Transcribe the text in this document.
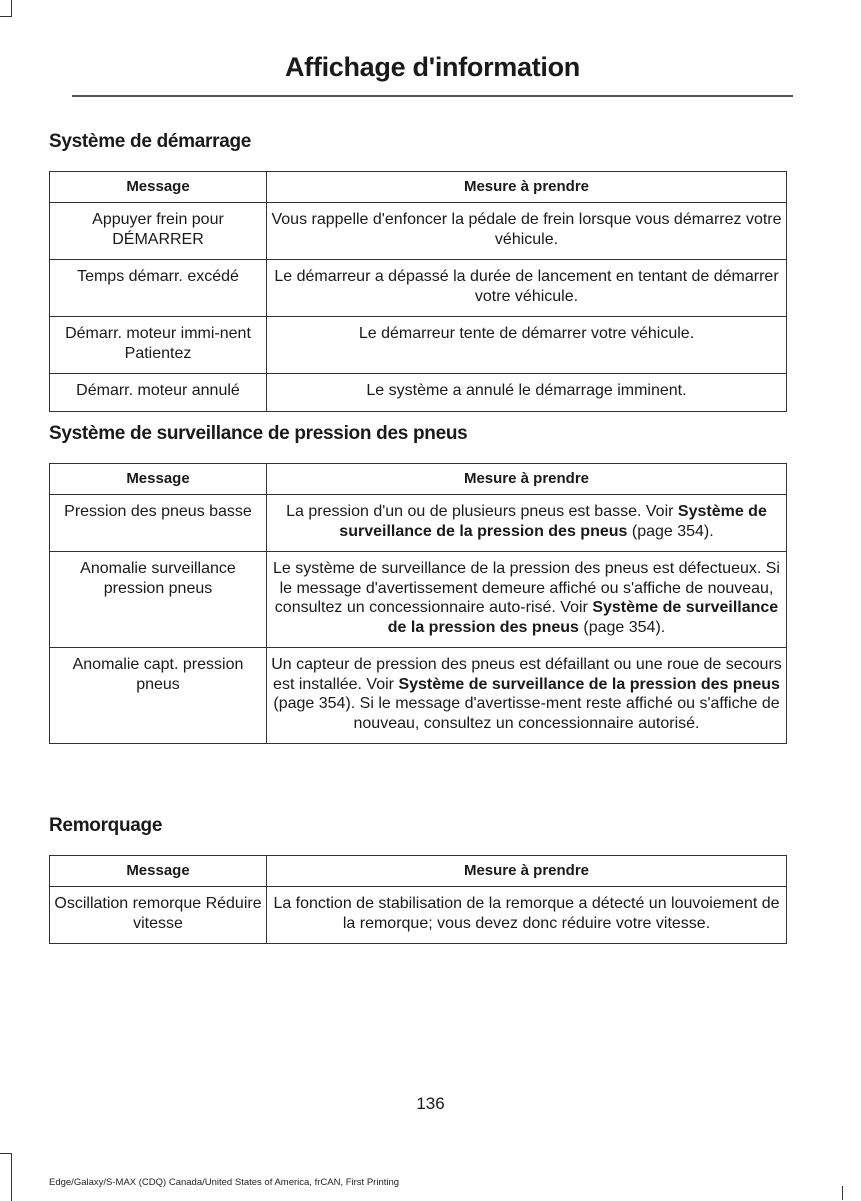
Affichage d'information
Système de démarrage
Message	Mesure à prendre
Appuyer frein pour DÉMARRER	Vous rappelle d'enfoncer la pédale de frein lorsque vous démarrez votre véhicule.
Temps démarr. excédé	Le démarreur a dépassé la durée de lancement en tentant de démarrer votre véhicule.
Démarr. moteur immi-nent Patientez	Le démarreur tente de démarrer votre véhicule.
Démarr. moteur annulé	Le système a annulé le démarrage imminent.
Système de surveillance de pression des pneus
Message	Mesure à prendre
Pression des pneus basse	La pression d'un ou de plusieurs pneus est basse. Voir Système de surveillance de la pression des pneus (page 354).
Anomalie surveillance pression pneus	Le système de surveillance de la pression des pneus est défectueux. Si le message d'avertissement demeure affiché ou s'affiche de nouveau, consultez un concessionnaire auto-risé. Voir Système de surveillance de la pression des pneus (page 354).
Anomalie capt. pression pneus	Un capteur de pression des pneus est défaillant ou une roue de secours est installée. Voir Système de surveillance de la pression des pneus (page 354). Si le message d'avertisse-ment reste affiché ou s'affiche de nouveau, consultez un concessionnaire autorisé.
Remorquage
Message	Mesure à prendre
Oscillation remorque Réduire vitesse	La fonction de stabilisation de la remorque a détecté un louvoiement de la remorque; vous devez donc réduire votre vitesse.
136
Edge/Galaxy/S-MAX (CDQ) Canada/United States of America, frCAN, First Printing
